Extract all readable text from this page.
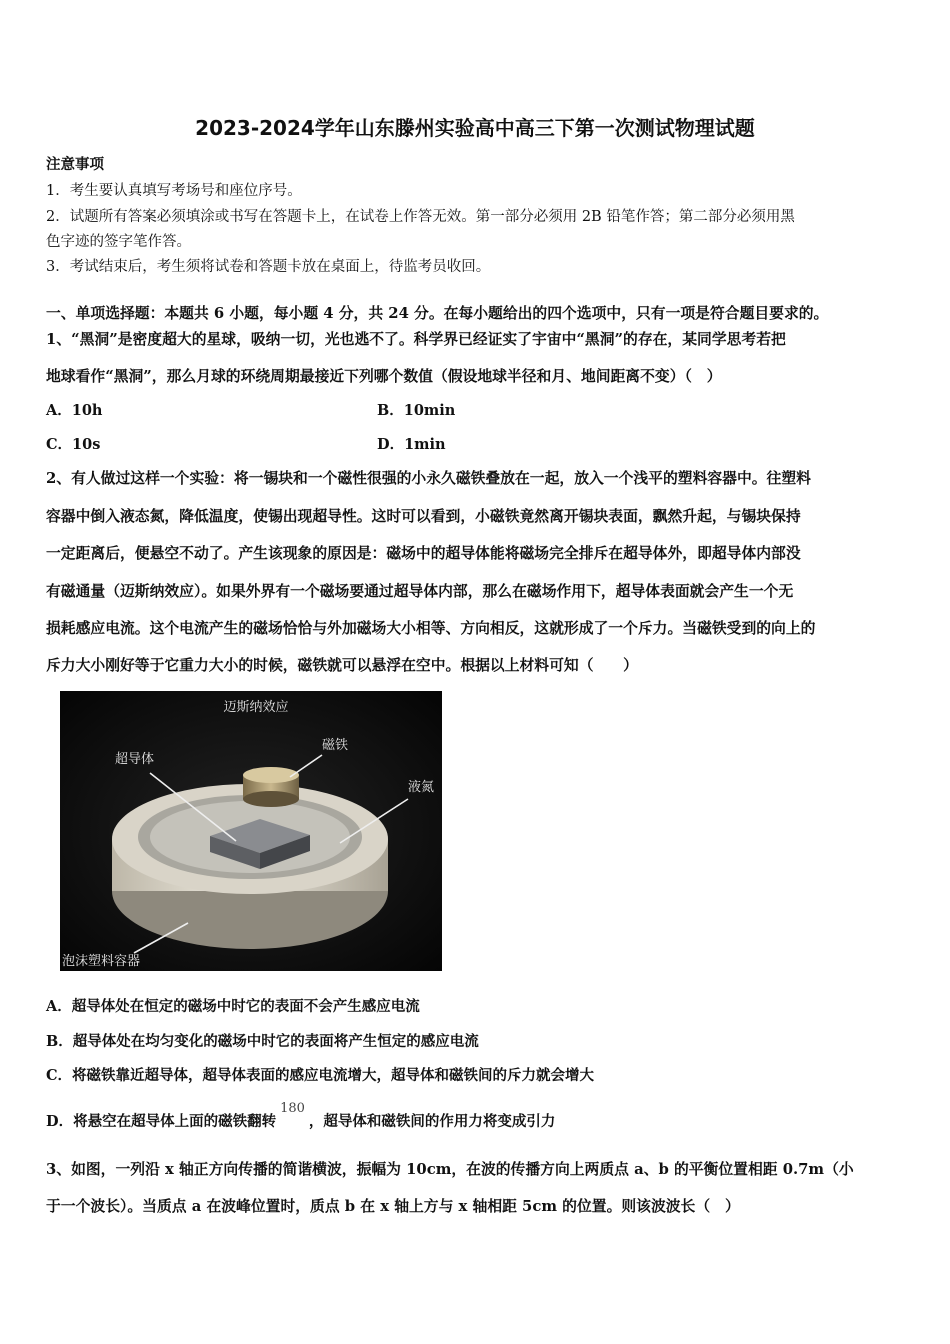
2023-2024学年山东滕州实验高中高三下第一次测试物理试题
注意事项
1．考生要认真填写考场号和座位序号。
2．试题所有答案必须填涂或书写在答题卡上，在试卷上作答无效。第一部分必须用 2B 铅笔作答；第二部分必须用黑
色字迹的签字笔作答。
3．考试结束后，考生须将试卷和答题卡放在桌面上，待监考员收回。
一、单项选择题：本题共 6 小题，每小题 4 分，共 24 分。在每小题给出的四个选项中，只有一项是符合题目要求的。
1、“黑洞”是密度超大的星球，吸纳一切，光也逃不了。科学界已经证实了宇宙中“黑洞”的存在，某同学思考若把
地球看作“黑洞”，那么月球的环绕周期最接近下列哪个数值（假设地球半径和月、地间距离不变）（　）
A．10h	B．10min
C．10s	D．1min
2、有人做过这样一个实验：将一锡块和一个磁性很强的小永久磁铁叠放在一起，放入一个浅平的塑料容器中。往塑料
容器中倒入液态氮，降低温度，使锡出现超导性。这时可以看到，小磁铁竟然离开锡块表面，飘然升起，与锡块保持
一定距离后，便悬空不动了。产生该现象的原因是：磁场中的超导体能将磁场完全排斥在超导体外，即超导体内部没
有磁通量（迈斯纳效应）。如果外界有一个磁场要通过超导体内部，那么在磁场作用下，超导体表面就会产生一个无
损耗感应电流。这个电流产生的磁场恰恰与外加磁场大小相等、方向相反，这就形成了一个斥力。当磁铁受到的向上的
斥力大小刚好等于它重力大小的时候，磁铁就可以悬浮在空中。根据以上材料可知（　　）
迈斯纳效应
超导体
磁铁
液氮
泡沫塑料容器
A．超导体处在恒定的磁场中时它的表面不会产生感应电流
B．超导体处在均匀变化的磁场中时它的表面将产生恒定的感应电流
C．将磁铁靠近超导体，超导体表面的感应电流增大，超导体和磁铁间的斥力就会增大
D．将悬空在超导体上面的磁铁翻转180，超导体和磁铁间的作用力将变成引力
3、如图，一列沿 x 轴正方向传播的简谐横波，振幅为 10cm，在波的传播方向上两质点 a、b 的平衡位置相距 0.7m（小
于一个波长）。当质点 a 在波峰位置时，质点 b 在 x 轴上方与 x 轴相距 5cm 的位置。则该波波长（　）
